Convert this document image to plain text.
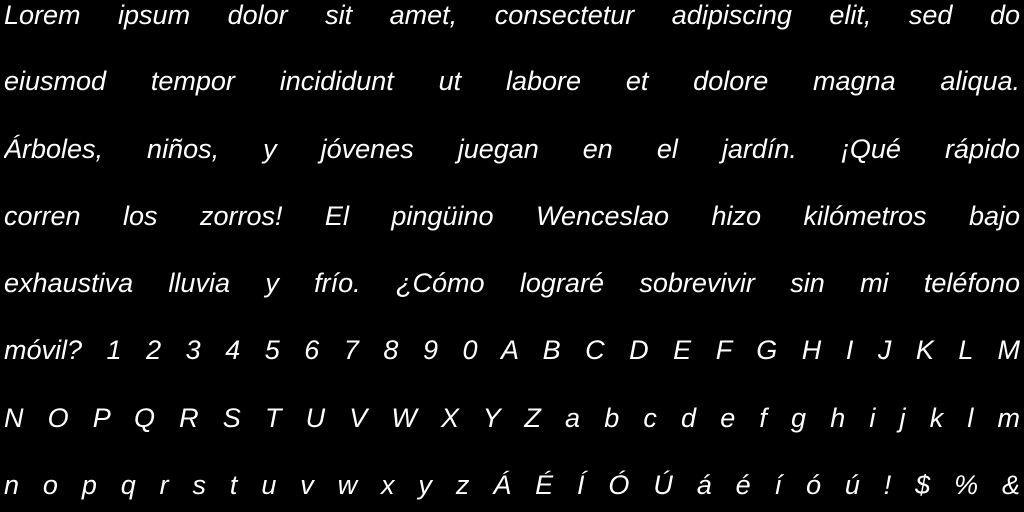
Lorem ipsum dolor sit amet, consectetur adipiscing elit, sed do
eiusmod tempor incididunt ut labore et dolore magna aliqua.
Árboles, niños, y jóvenes juegan en el jardín. ¡Qué rápido
corren los zorros! El pingüino Wenceslao hizo kilómetros bajo
exhaustiva lluvia y frío. ¿Cómo lograré sobrevivir sin mi teléfono
móvil? 1 2 3 4 5 6 7 8 9 0 A B C D E F G H I J K L M
N O P Q R S T U V W X Y Z a b c d e f g h i j k l m
n o p q r s t u v w x y z Á É Í Ó Ú á é í ó ú ! $ % &
